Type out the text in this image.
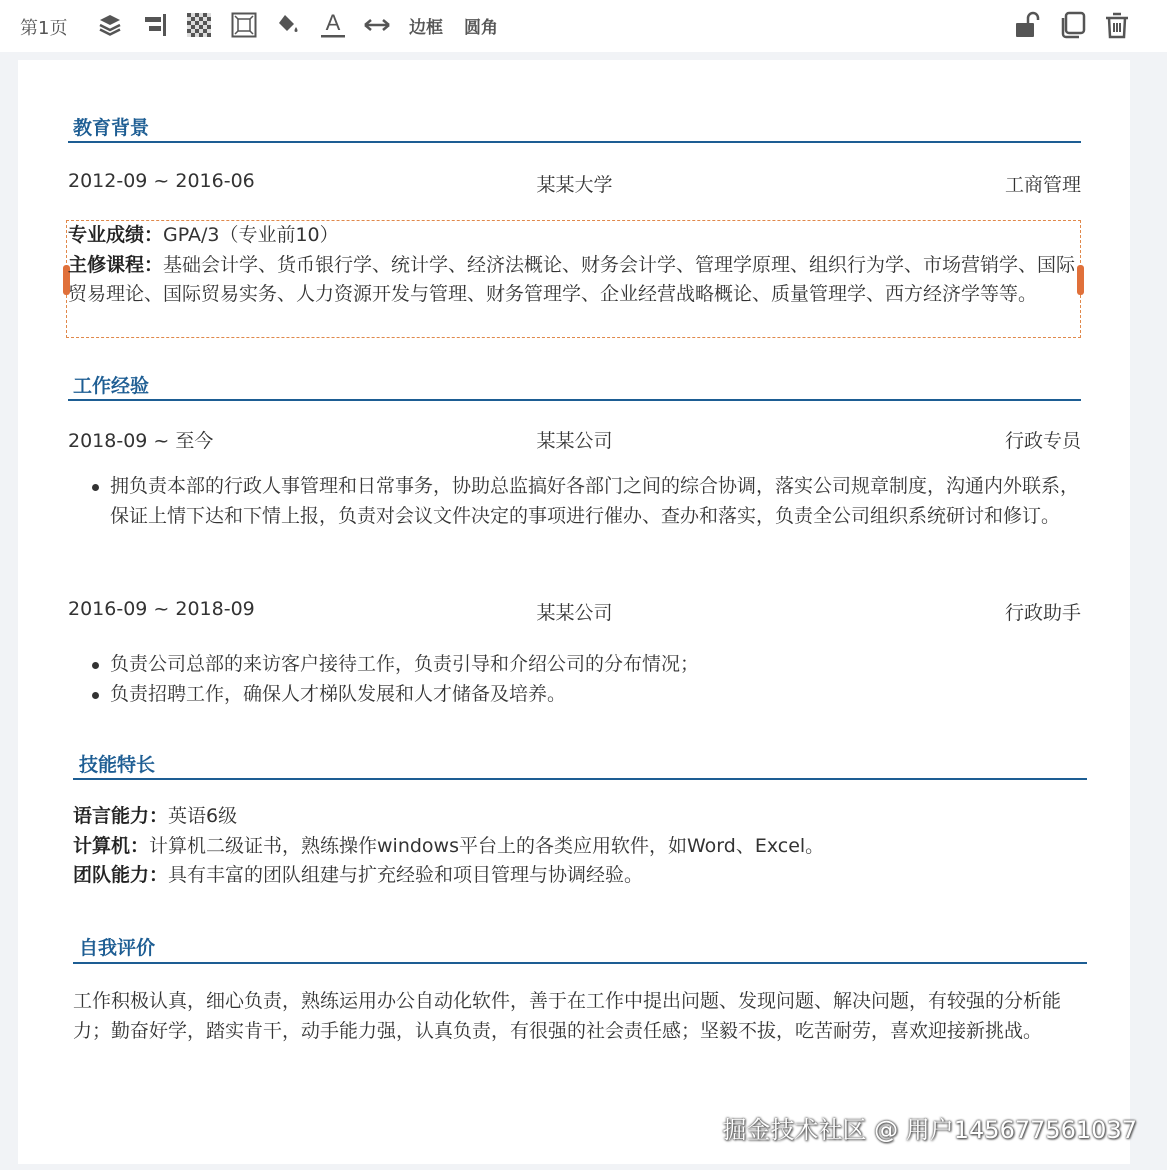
第1页	A	边框 圆角
教育背景
2012-09 ~ 2016-06	某某大学	工商管理
专业成绩：GPA/3（专业前10）
主修课程：基础会计学、货币银行学、统计学、经济法概论、财务会计学、管理学原理、组织行为学、市场营销学、国际贸易理论、国际贸易实务、人力资源开发与管理、财务管理学、企业经营战略概论、质量管理学、西方经济学等等。
工作经验
2018-09 ~ 至今	某某公司	行政专员
拥负责本部的行政人事管理和日常事务，协助总监搞好各部门之间的综合协调，落实公司规章制度，沟通内外联系，保证上情下达和下情上报，负责对会议文件决定的事项进行催办、查办和落实，负责全公司组织系统研讨和修订。
2016-09 ~ 2018-09	某某公司	行政助手
负责公司总部的来访客户接待工作，负责引导和介绍公司的分布情况；
负责招聘工作，确保人才梯队发展和人才储备及培养。
技能特长
语言能力：英语6级
计算机：计算机二级证书，熟练操作windows平台上的各类应用软件，如Word、Excel。
团队能力：具有丰富的团队组建与扩充经验和项目管理与协调经验。
自我评价
工作积极认真，细心负责，熟练运用办公自动化软件，善于在工作中提出问题、发现问题、解决问题，有较强的分析能力；勤奋好学，踏实肯干，动手能力强，认真负责，有很强的社会责任感；坚毅不拔，吃苦耐劳，喜欢迎接新挑战。
掘金技术社区 @ 用户145677561037
